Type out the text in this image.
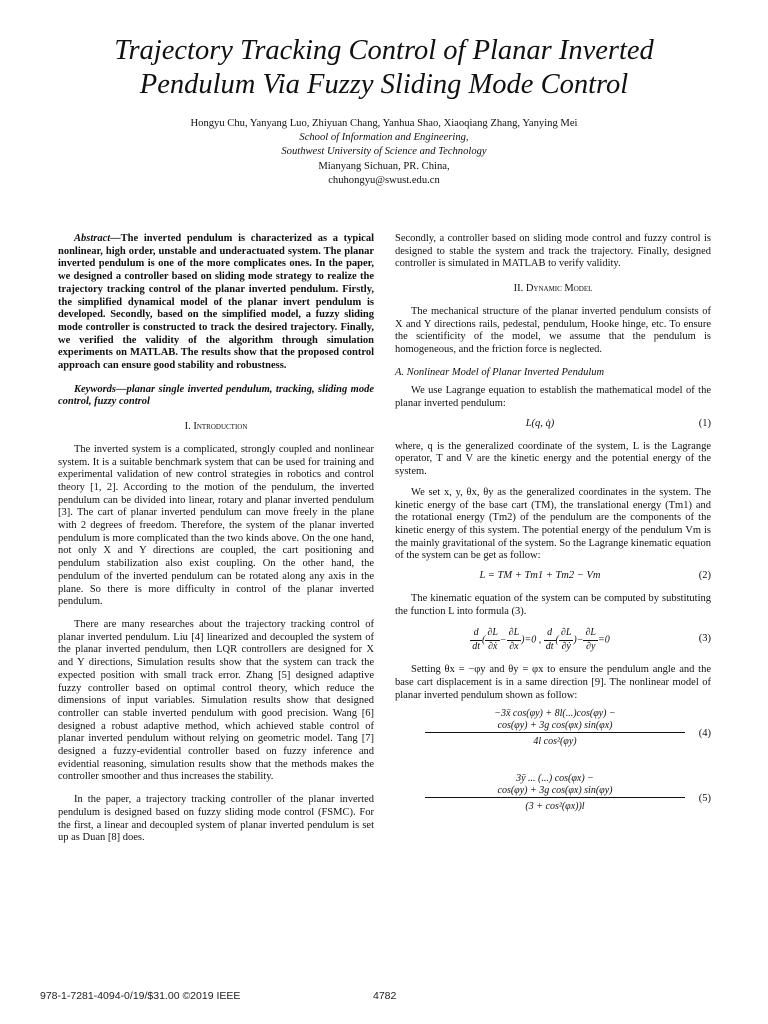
Trajectory Tracking Control of Planar Inverted
Pendulum Via Fuzzy Sliding Mode Control
Hongyu Chu, Yanyang Luo, Zhiyuan Chang, Yanhua Shao, Xiaoqiang Zhang, Yanying Mei
School of Information and Engineering,
Southwest University of Science and Technology
Mianyang Sichuan, PR. China,
chuhongyu@swust.edu.cn

Abstract—The inverted pendulum is characterized as a typical nonlinear, high order, unstable and underactuated system. The planar inverted pendulum is one of the more complicates ones. In the paper, we designed a controller based on sliding mode strategy to realize the trajectory tracking control of the planar inverted pendulum. Firstly, the simplified dynamical model of the planar invert pendulum is developed. Secondly, based on the simplified model, a fuzzy sliding mode controller is constructed to track the desired trajectory. Finally, we verified the validity of the algorithm through simulation experiments on MATLAB. The results show that the proposed control approach can ensure good stability and robustness.

Keywords—planar single inverted pendulum, tracking, sliding mode control, fuzzy control

I. Introduction

The inverted system is a complicated, strongly coupled and nonlinear system. It is a suitable benchmark system that can be used for training and experimental validation of new control strategies in robotics and control theory [1, 2]. According to the motion of the pendulum, the inverted pendulum can be divided into linear, rotary and planar inverted pendulum [3]. The cart of planar inverted pendulum can move freely in the plane with 2 degrees of freedom. Therefore, the system of the planar inverted pendulum is more complicated than the two kinds above. On the one hand, not only X and Y directions are coupled, the cart positioning and pendulum stabilization also exist coupling. On the other hand, the pendulum of the inverted pendulum can be rotated along any axis in the plane. So there is more difficulty in control of the planar inverted pendulum.

There are many researches about the trajectory tracking control of planar inverted pendulum. Liu [4] linearized and decoupled the system of the planar inverted pendulum, then LQR controllers are designed for X and Y directions, Simulation results show that the system can track the expected position with small track error. Zhang [5] designed adaptive fuzzy controller based on optimal control theory, which reduce the dimensions of input variables. Simulation results show that designed controller can stable inverted pendulum with good precision. Wang [6] designed a robust adaptive method, which achieved stable control of planar inverted pendulum without relying on geometric model. Tang [7] designed a fuzzy-evidential controller based on fuzzy inference and evidential reasoning, simulation results show that the methods makes the controller smoother and thus increases the stability.

In the paper, a trajectory tracking controller of the planar inverted pendulum is designed based on fuzzy sliding mode control (FSMC). For the first, a linear and decoupled system of planar inverted pendulum is set up as Duan [8] does.

Secondly, a controller based on sliding mode control and fuzzy control is designed to stable the system and track the trajectory. Finally, designed controller is simulated in MATLAB to verify validity.

II. Dynamic Model

The mechanical structure of the planar inverted pendulum consists of X and Y directions rails, pedestal, pendulum, Hooke hinge, etc. To ensure the scientificity of the model, we assume that the pendulum is homogeneous, and the friction force is neglected.

A. Nonlinear Model of Planar Inverted Pendulum

We use Lagrange equation to establish the mathematical model of the planar inverted pendulum:

L(q, q̇)	(1)

where, q is the generalized coordinate of the system, L is the Lagrange operator, T and V are the kinetic energy and the potential energy of the system.

We set x, y, θx, θy as the generalized coordinates in the system. The kinetic energy of the base cart (TM), the translational energy (Tm1) and the rotational energy (Tm2) of the pendulum are the components of the kinetic energy of this system. The potential energy of the pendulum Vm is the mainly gravitational of the system. So the Lagrange kinematic equation of the system can be get as follow:

L = TM + Tm1 + Tm2 − Vm	(2)

The kinematic equation of the system can be computed by substituting the function L into formula (3).

$\frac{d}{dt}$ ( $\frac{\partial L}{\text{∂ẋ}} - \frac{\partial L}{\partial x} )=0$ , $\frac{d}{dt}$ ( $\frac{\partial L}{\text{∂ẏ}}$ )− $\frac{\partial L}{\partial y} =0$	(3)

Setting θx = −φy and θy = φx to ensure the pendulum angle and the base cart displacement is in a same direction [9]. The nonlinear model of planar inverted pendulum shown as follow:

−3ẍ cos(φy) + 8l(...)cos(φy) −
cos(φy) + 3g cos(φx) sin(φx)
4l cos²(φy)
(4)
3ÿ ... (...) cos(φx) −
cos(φy) + 3g cos(φx) sin(φy)
(3 + cos²(φx))l
(5)
978-1-7281-4094-0/19/$31.00 ©2019 IEEE	4782
